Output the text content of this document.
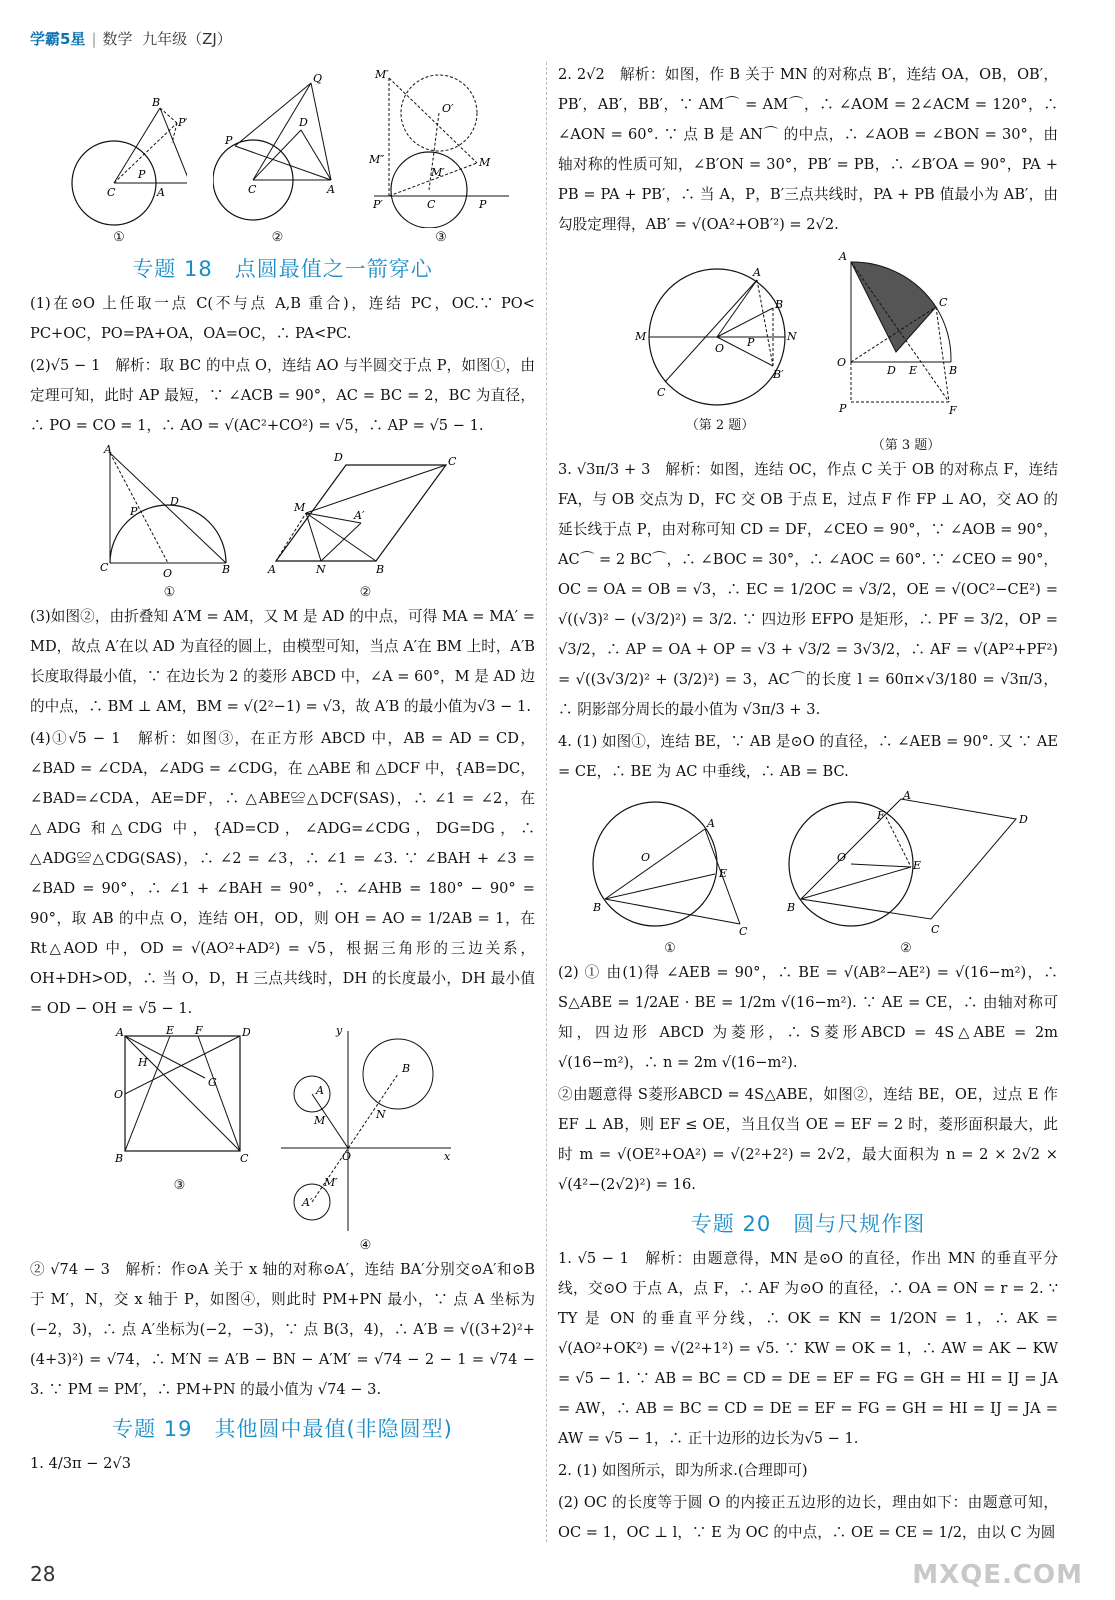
学霸5星 | 数学 九年级（ZJ）
B
P′
C	A
P
①
Q
P
D
C	A
②
M′
O′
M″	M
M′
P′	C	P
③
专题 18　点圆最值之一箭穿心

(1)在⊙O 上任取一点 C(不与点 A,B 重合)，连结 PC，OC.∵ PO< PC+OC，PO=PA+OA，OA=OC，∴ PA<PC.

(2)√5 − 1　解析：取 BC 的中点 O，连结 AO 与半圆交于点 P，如图①，由定理可知，此时 AP 最短，∵ ∠ACB = 90°，AC = BC = 2，BC 为直径，∴ PO = CO = 1，∴ AO = √(AC²+CO²) = √5，∴ AP = √5 − 1.

A
C	O	B
P
D
①
D	C
M
A′
A	N	B
②

(3)如图②，由折叠知 A′M = AM，又 M 是 AD 的中点，可得 MA = MA′ = MD，故点 A′在以 AD 为直径的圆上，由模型可知，当点 A′在 BM 上时，A′B 长度取得最小值，∵ 在边长为 2 的菱形 ABCD 中，∠A = 60°，M 是 AD 边的中点，∴ BM ⊥ AM，BM = √(2²−1) = √3，故 A′B 的最小值为√3 − 1.

(4)①√5 − 1　解析：如图③，在正方形 ABCD 中，AB = AD = CD，∠BAD = ∠CDA，∠ADG = ∠CDG，在 △ABE 和 △DCF 中，{AB=DC，∠BAD=∠CDA，AE=DF，∴ △ABE≌△DCF(SAS)，∴ ∠1 = ∠2，在△ADG 和△CDG 中，{AD=CD，∠ADG=∠CDG，DG=DG，∴ △ADG≌△CDG(SAS)，∴ ∠2 = ∠3，∴ ∠1 = ∠3. ∵ ∠BAH + ∠3 = ∠BAD = 90°，∴ ∠1 + ∠BAH = 90°，∴ ∠AHB = 180° − 90° = 90°，取 AB 的中点 O，连结 OH，OD，则 OH = AO = 1/2AB = 1，在 Rt△AOD 中，OD = √(AO²+AD²) = √5，根据三角形的三边关系，OH+DH>OD，∴ 当 O，D，H 三点共线时，DH 的长度最小，DH 最小值 = OD − OH = √5 − 1.

A	E F	D
O
H
G
B	C
③
y
x
A
M
B
N
A′
M′
O
④

② √74 − 3　解析：作⊙A 关于 x 轴的对称⊙A′，连结 BA′分别交⊙A′和⊙B 于 M′，N，交 x 轴于 P，如图④，则此时 PM+PN 最小，∵ 点 A 坐标为(−2，3)，∴ 点 A′坐标为(−2，−3)，∵ 点 B(3，4)，∴ A′B = √((3+2)²+(4+3)²) = √74，∴ M′N = A′B − BN − A′M′ = √74 − 2 − 1 = √74 − 3. ∵ PM = PM′，∴ PM+PN 的最小值为 √74 − 3.

专题 19　其他圆中最值(非隐圆型)

1. 4/3π − 2√3

2. 2√2　解析：如图，作 B 关于 MN 的对称点 B′，连结 OA，OB，OB′，PB′，AB′，BB′，∵ AM⌒ = AM⌒，∴ ∠AOM = 2∠ACM = 120°，∴ ∠AON = 60°. ∵ 点 B 是 AN⌒ 的中点，∴ ∠AOB = ∠BON = 30°，由轴对称的性质可知，∠B′ON = 30°，PB′ = PB，∴ ∠B′OA = 90°，PA + PB = PA + PB′，∴ 当 A，P，B′三点共线时，PA + PB 值最小为 AB′，由勾股定理得，AB′ = √(OA²+OB′²) = 2√2.

A
B
N
M
O P
B′
C
（第 2 题）
A
C
O
D E	B
P	F
（第 3 题）

3. √3π/3 + 3　解析：如图，连结 OC，作点 C 关于 OB 的对称点 F，连结 FA，与 OB 交点为 D，FC 交 OB 于点 E，过点 F 作 FP ⊥ AO，交 AO 的延长线于点 P，由对称可知 CD = DF，∠CEO = 90°，∵ ∠AOB = 90°，AC⌒ = 2 BC⌒，∴ ∠BOC = 30°，∴ ∠AOC = 60°. ∵ ∠CEO = 90°，OC = OA = OB = √3，∴ EC = 1/2OC = √3/2，OE = √(OC²−CE²) = √((√3)² − (√3/2)²) = 3/2. ∵ 四边形 EFPO 是矩形，∴ PF = 3/2，OP = √3/2，∴ AP = OA + OP = √3 + √3/2 = 3√3/2，∴ AF = √(AP²+PF²) = √((3√3/2)² + (3/2)²) = 3，AC⌒的长度 l = 60π×√3/180 = √3π/3，∴ 阴影部分周长的最小值为 √3π/3 + 3.

4. (1) 如图①，连结 BE，∵ AB 是⊙O 的直径，∴ ∠AEB = 90°. 又 ∵ AE = CE，∴ BE 为 AC 中垂线，∴ AB = BC.

A
O
E
B
C
①
A
F
O
E
D
B
C
②

(2) ① 由(1)得 ∠AEB = 90°，∴ BE = √(AB²−AE²) = √(16−m²)，∴ S△ABE = 1/2AE · BE = 1/2m √(16−m²). ∵ AE = CE，∴ 由轴对称可知，四边形 ABCD 为菱形，∴ S菱形ABCD = 4S△ABE = 2m √(16−m²)，∴ n = 2m √(16−m²).

②由题意得 S菱形ABCD = 4S△ABE，如图②，连结 BE，OE，过点 E 作 EF ⊥ AB，则 EF ≤ OE，当且仅当 OE = EF = 2 时，菱形面积最大，此时 m = √(OE²+OA²) = √(2²+2²) = 2√2，最大面积为 n = 2 × 2√2 × √(4²−(2√2)²) = 16.

专题 20　圆与尺规作图

1. √5 − 1　解析：由题意得，MN 是⊙O 的直径，作出 MN 的垂直平分线，交⊙O 于点 A，点 F，∴ AF 为⊙O 的直径，∴ OA = ON = r = 2. ∵ TY 是 ON 的垂直平分线，∴ OK = KN = 1/2ON = 1，∴ AK = √(AO²+OK²) = √(2²+1²) = √5. ∵ KW = OK = 1，∴ AW = AK − KW = √5 − 1. ∵ AB = BC = CD = DE = EF = FG = GH = HI = IJ = JA = AW，∴ AB = BC = CD = DE = EF = FG = GH = HI = IJ = JA = AW = √5 − 1，∴ 正十边形的边长为√5 − 1.

2. (1) 如图所示，即为所求.(合理即可)

(2) OC 的长度等于圆 O 的内接正五边形的边长，理由如下：由题意可知，OC = 1，OC ⊥ l，∵ E 为 OC 的中点，∴ OE = CE = 1/2，由以 C 为圆

28	MXQE.COM
